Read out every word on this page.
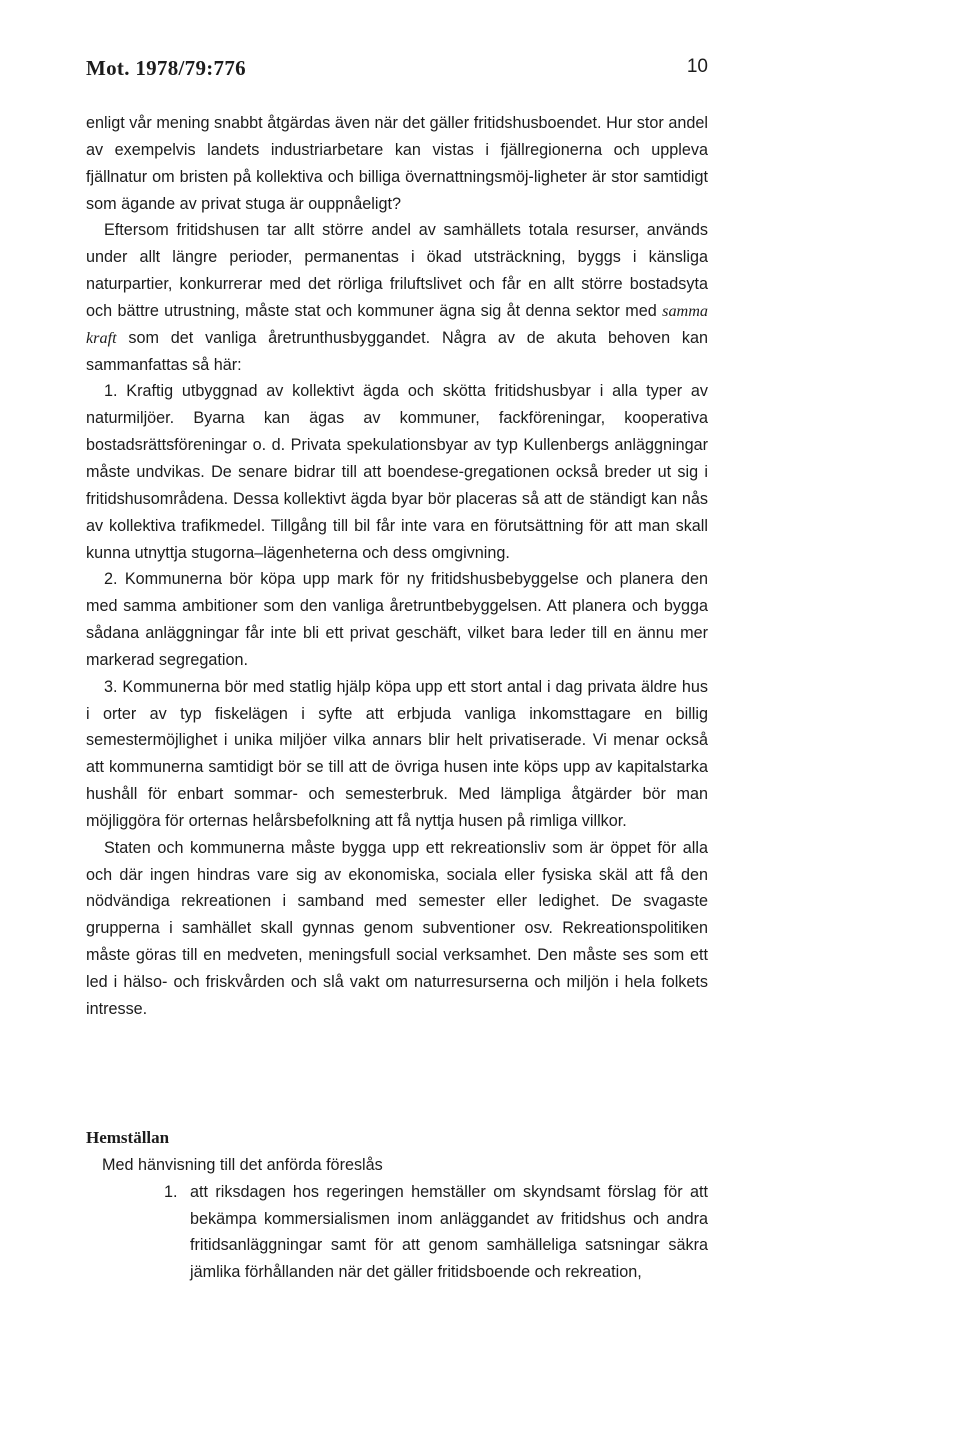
Mot. 1978/79:776	10

enligt vår mening snabbt åtgärdas även när det gäller fritidshusboendet. Hur stor andel av exempelvis landets industriarbetare kan vistas i fjällregionerna och uppleva fjällnatur om bristen på kollektiva och billiga övernattningsmöj-ligheter är stor samtidigt som ägande av privat stuga är ouppnåeligt?

Eftersom fritidshusen tar allt större andel av samhällets totala resurser, används under allt längre perioder, permanentas i ökad utsträckning, byggs i känsliga naturpartier, konkurrerar med det rörliga friluftslivet och får en allt större bostadsyta och bättre utrustning, måste stat och kommuner ägna sig åt denna sektor med samma kraft som det vanliga åretrunthusbyggandet. Några av de akuta behoven kan sammanfattas så här:

1. Kraftig utbyggnad av kollektivt ägda och skötta fritidshusbyar i alla typer av naturmiljöer. Byarna kan ägas av kommuner, fackföreningar, kooperativa bostadsrättsföreningar o. d. Privata spekulationsbyar av typ Kullenbergs anläggningar måste undvikas. De senare bidrar till att boendese-gregationen också breder ut sig i fritidshusområdena. Dessa kollektivt ägda byar bör placeras så att de ständigt kan nås av kollektiva trafikmedel. Tillgång till bil får inte vara en förutsättning för att man skall kunna utnyttja stugorna–lägenheterna och dess omgivning.

2. Kommunerna bör köpa upp mark för ny fritidshusbebyggelse och planera den med samma ambitioner som den vanliga åretruntbebyggelsen. Att planera och bygga sådana anläggningar får inte bli ett privat geschäft, vilket bara leder till en ännu mer markerad segregation.

3. Kommunerna bör med statlig hjälp köpa upp ett stort antal i dag privata äldre hus i orter av typ fiskelägen i syfte att erbjuda vanliga inkomsttagare en billig semestermöjlighet i unika miljöer vilka annars blir helt privatiserade. Vi menar också att kommunerna samtidigt bör se till att de övriga husen inte köps upp av kapitalstarka hushåll för enbart sommar- och semesterbruk. Med lämpliga åtgärder bör man möjliggöra för orternas helårsbefolkning att få nyttja husen på rimliga villkor.

Staten och kommunerna måste bygga upp ett rekreationsliv som är öppet för alla och där ingen hindras vare sig av ekonomiska, sociala eller fysiska skäl att få den nödvändiga rekreationen i samband med semester eller ledighet. De svagaste grupperna i samhället skall gynnas genom subventioner osv. Rekreationspolitiken måste göras till en medveten, meningsfull social verksamhet. Den måste ses som ett led i hälso- och friskvården och slå vakt om naturresurserna och miljön i hela folkets intresse.

Hemställan

Med hänvisning till det anförda föreslås

1. att riksdagen hos regeringen hemställer om skyndsamt förslag för att bekämpa kommersialismen inom anläggandet av fritidshus och andra fritidsanläggningar samt för att genom samhälleliga satsningar säkra jämlika förhållanden när det gäller fritidsboende och rekreation,
